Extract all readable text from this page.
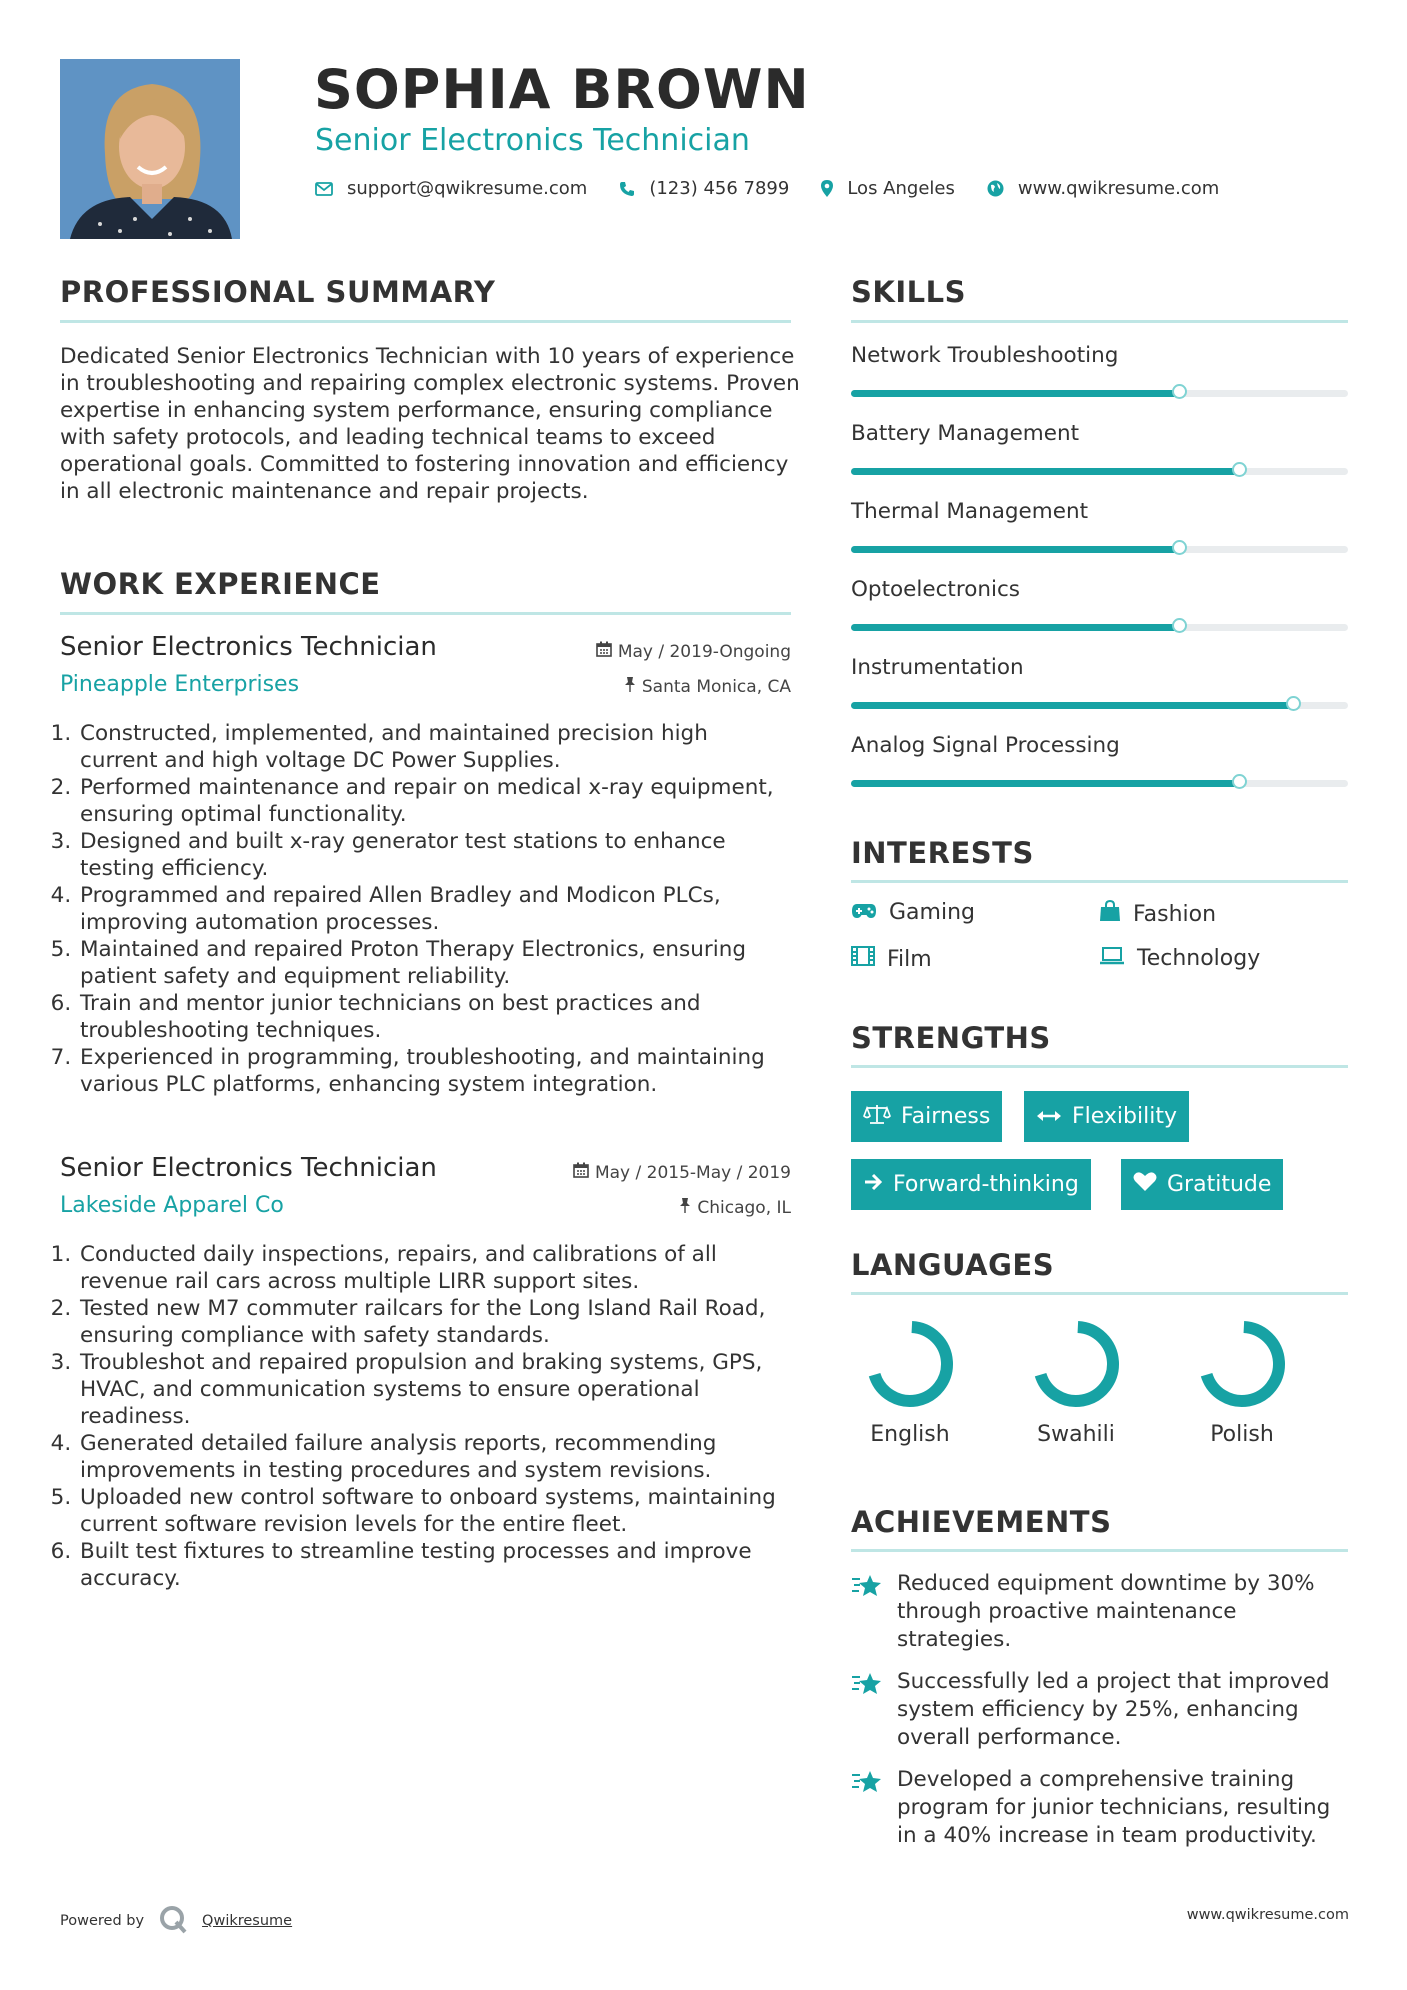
SOPHIA BROWN
Senior Electronics Technician
support@qwikresume.com	(123) 456 7899	Los Angeles	www.qwikresume.com
PROFESSIONAL SUMMARY
Dedicated Senior Electronics Technician with 10 years of experience in troubleshooting and repairing complex electronic systems. Proven expertise in enhancing system performance, ensuring compliance with safety protocols, and leading technical teams to exceed operational goals. Committed to fostering innovation and efficiency in all electronic maintenance and repair projects.
WORK EXPERIENCE
Senior Electronics Technician
Pineapple Enterprises
May / 2019-Ongoing
Santa Monica, CA
1. Constructed, implemented, and maintained precision high current and high voltage DC Power Supplies.
2. Performed maintenance and repair on medical x-ray equipment, ensuring optimal functionality.
3. Designed and built x-ray generator test stations to enhance testing efficiency.
4. Programmed and repaired Allen Bradley and Modicon PLCs, improving automation processes.
5. Maintained and repaired Proton Therapy Electronics, ensuring patient safety and equipment reliability.
6. Train and mentor junior technicians on best practices and troubleshooting techniques.
7. Experienced in programming, troubleshooting, and maintaining various PLC platforms, enhancing system integration.
Senior Electronics Technician
Lakeside Apparel Co
May / 2015-May / 2019
Chicago, IL
1. Conducted daily inspections, repairs, and calibrations of all revenue rail cars across multiple LIRR support sites.
2. Tested new M7 commuter railcars for the Long Island Rail Road, ensuring compliance with safety standards.
3. Troubleshot and repaired propulsion and braking systems, GPS, HVAC, and communication systems to ensure operational readiness.
4. Generated detailed failure analysis reports, recommending improvements in testing procedures and system revisions.
5. Uploaded new control software to onboard systems, maintaining current software revision levels for the entire fleet.
6. Built test fixtures to streamline testing processes and improve accuracy.
SKILLS
Network Troubleshooting
Battery Management
Thermal Management
Optoelectronics
Instrumentation
Analog Signal Processing
INTERESTS
Gaming	Fashion
Film	Technology
STRENGTHS
Fairness	Flexibility
Forward-thinking	Gratitude
LANGUAGES
English	Swahili	Polish
ACHIEVEMENTS
Reduced equipment downtime by 30% through proactive maintenance strategies.
Successfully led a project that improved system efficiency by 25%, enhancing overall performance.
Developed a comprehensive training program for junior technicians, resulting in a 40% increase in team productivity.
Powered by	Qwikresume	www.qwikresume.com
